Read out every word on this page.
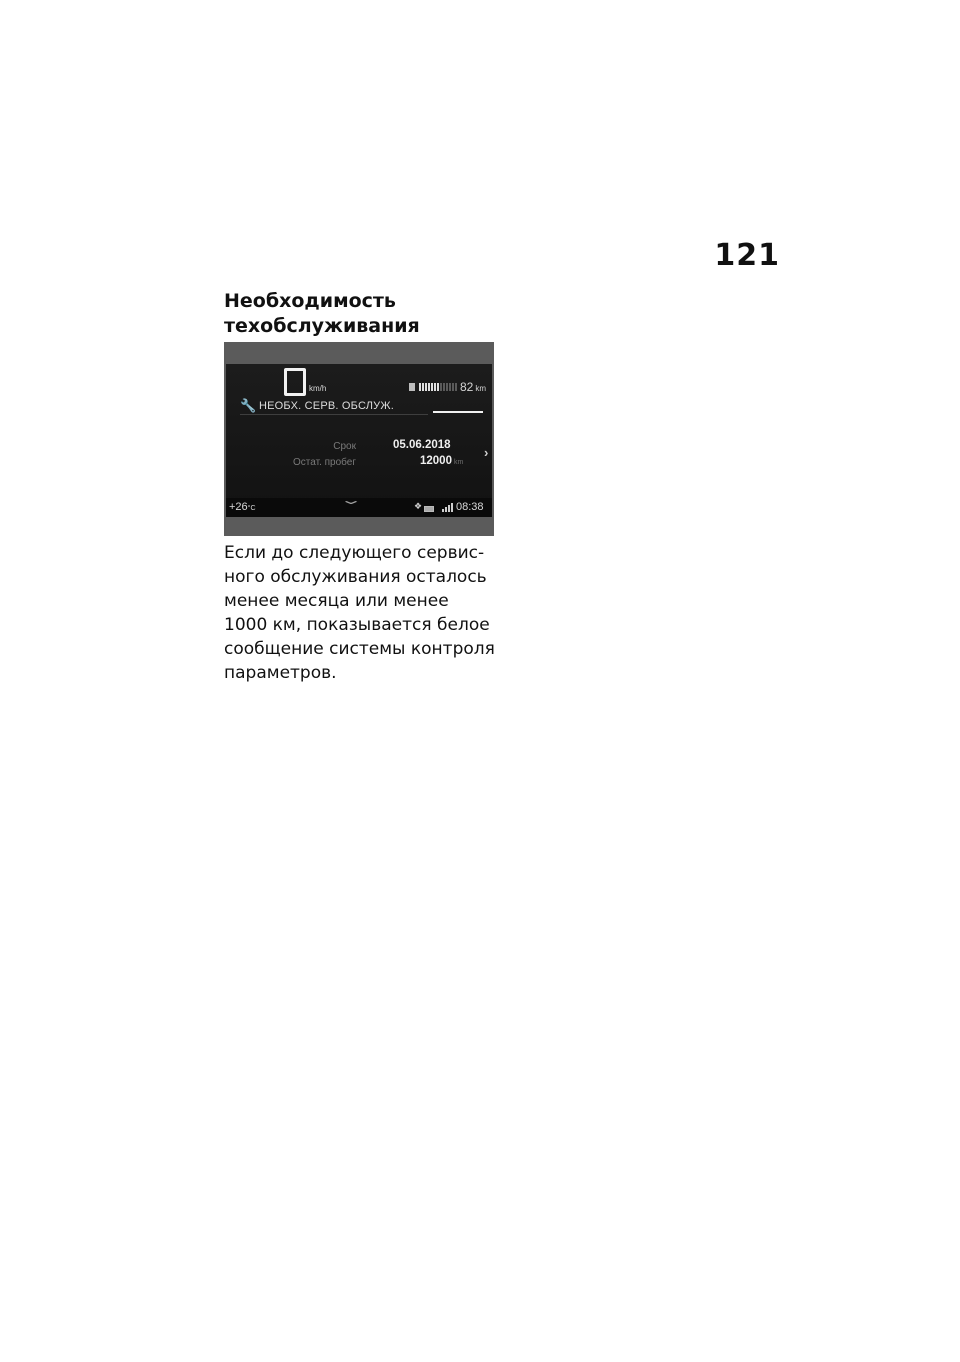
121
Необходимость
техобслуживания
km/h	82 km
🔧 НЕОБХ. СЕРВ. ОБСЛУЖ.
Срок	05.06.2018
Остат. пробег	12000 km
›
+26°C
⌄	❖	08:38

Если до следующего сервис-
ного обслуживания осталось
менее месяца или менее
1000 км, показывается белое
сообщение системы контроля
параметров.
